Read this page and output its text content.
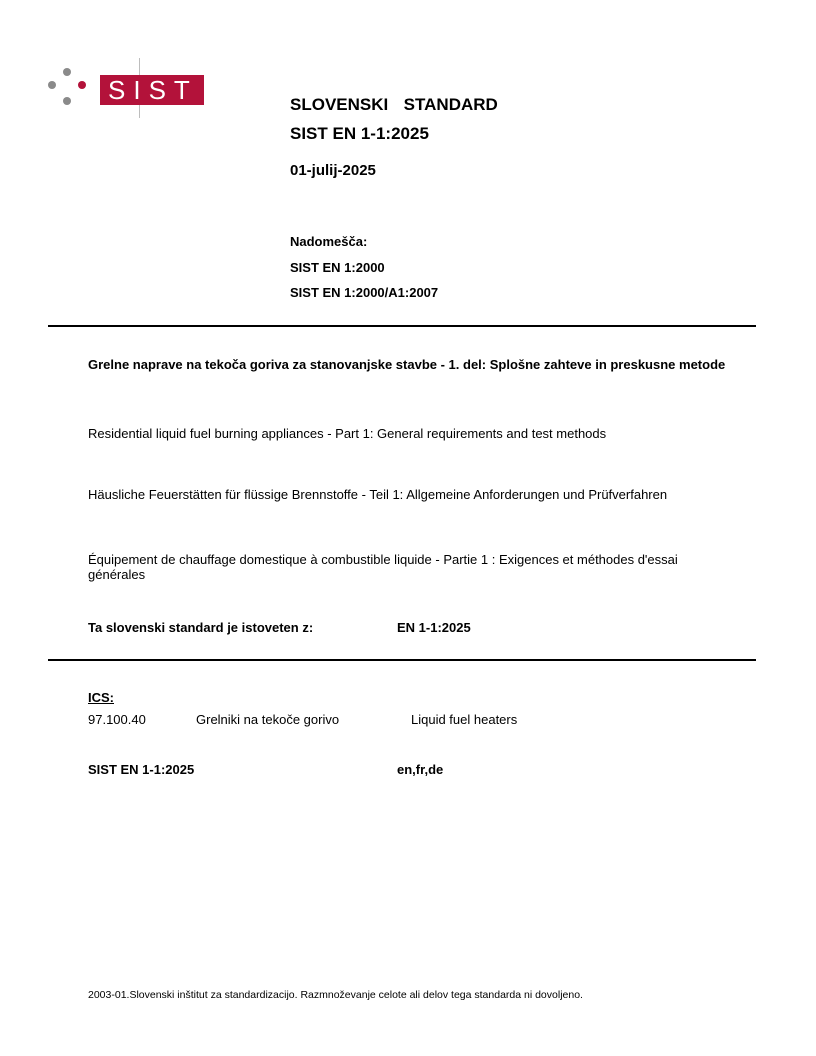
SIST	SLOVENSKI  STANDARD
SIST EN 1-1:2025
01-julij-2025
Nadomešča:
SIST EN 1:2000
SIST EN 1:2000/A1:2007
Grelne naprave na tekoča goriva za stanovanjske stavbe - 1. del: Splošne zahteve in preskusne metode
Residential liquid fuel burning appliances - Part 1: General requirements and test methods
Häusliche Feuerstätten für flüssige Brennstoffe - Teil 1: Allgemeine Anforderungen und Prüfverfahren
Équipement de chauffage domestique à combustible liquide - Partie 1 : Exigences et méthodes d'essai générales
Ta slovenski standard je istoveten z:	EN 1-1:2025
ICS:
97.100.40	Grelniki na tekoče gorivo	Liquid fuel heaters
SIST EN 1-1:2025	en,fr,de
2003-01.Slovenski inštitut za standardizacijo. Razmnoževanje celote ali delov tega standarda ni dovoljeno.
